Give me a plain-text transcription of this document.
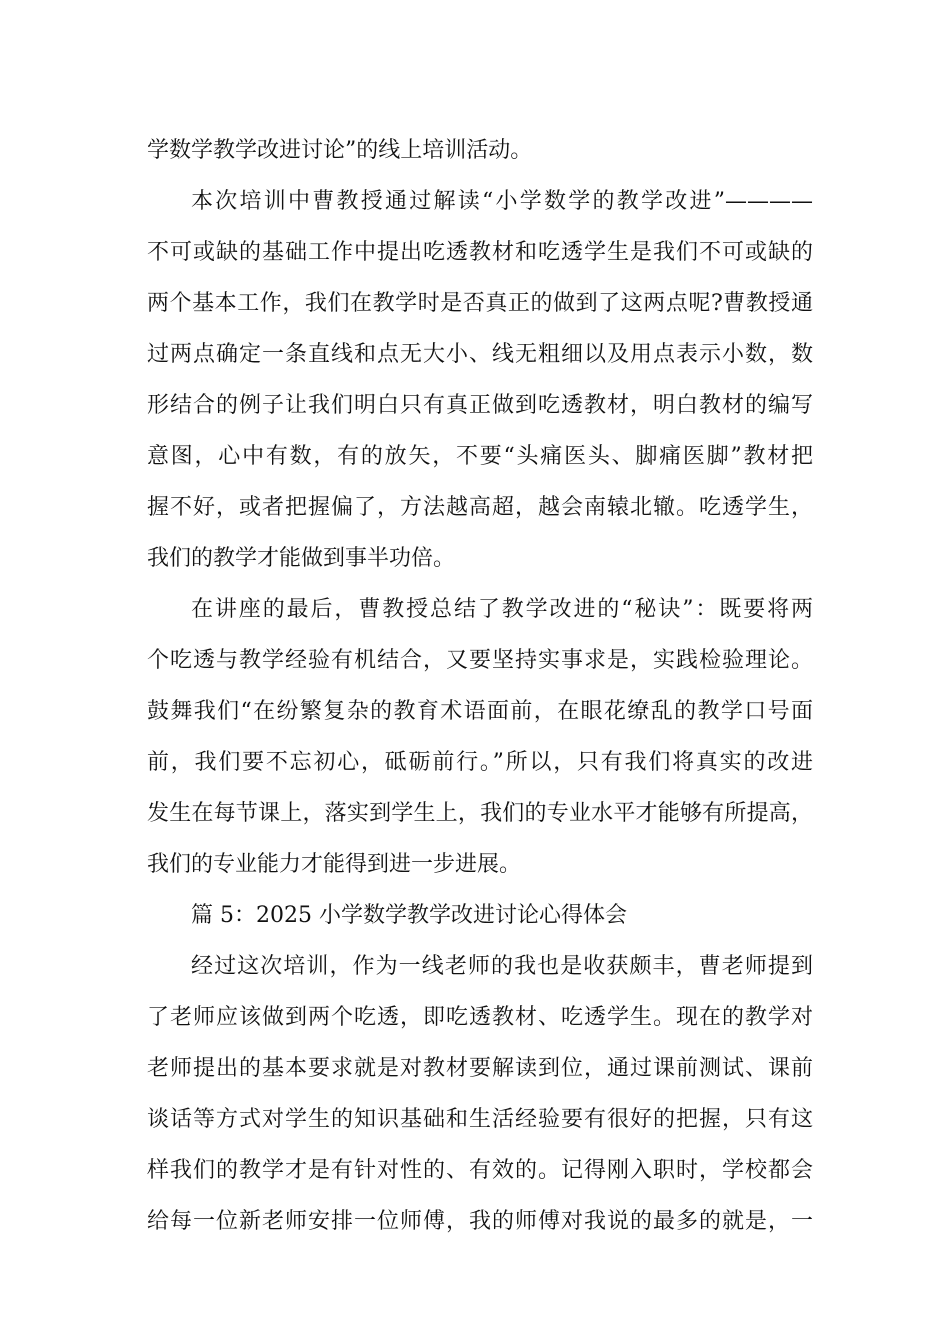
学数学教学改进讨论”的线上培训活动。
本次培训中曹教授通过解读“小学数学的教学改进”————
不可或缺的基础工作中提出吃透教材和吃透学生是我们不可或缺的
两个基本工作，我们在教学时是否真正的做到了这两点呢?曹教授通
过两点确定一条直线和点无大小、线无粗细以及用点表示小数，数
形结合的例子让我们明白只有真正做到吃透教材，明白教材的编写
意图，心中有数，有的放矢，不要“头痛医头、脚痛医脚”教材把
握不好，或者把握偏了，方法越高超，越会南辕北辙。吃透学生，
我们的教学才能做到事半功倍。
在讲座的最后，曹教授总结了教学改进的“秘诀”：既要将两
个吃透与教学经验有机结合，又要坚持实事求是，实践检验理论。
鼓舞我们“在纷繁复杂的教育术语面前，在眼花缭乱的教学口号面
前，我们要不忘初心，砥砺前行。”所以，只有我们将真实的改进
发生在每节课上，落实到学生上，我们的专业水平才能够有所提高，
我们的专业能力才能得到进一步进展。
篇 5：2025 小学数学教学改进讨论心得体会
经过这次培训，作为一线老师的我也是收获颇丰，曹老师提到
了老师应该做到两个吃透，即吃透教材、吃透学生。现在的教学对
老师提出的基本要求就是对教材要解读到位，通过课前测试、课前
谈话等方式对学生的知识基础和生活经验要有很好的把握，只有这
样我们的教学才是有针对性的、有效的。记得刚入职时，学校都会
给每一位新老师安排一位师傅，我的师傅对我说的最多的就是，一
